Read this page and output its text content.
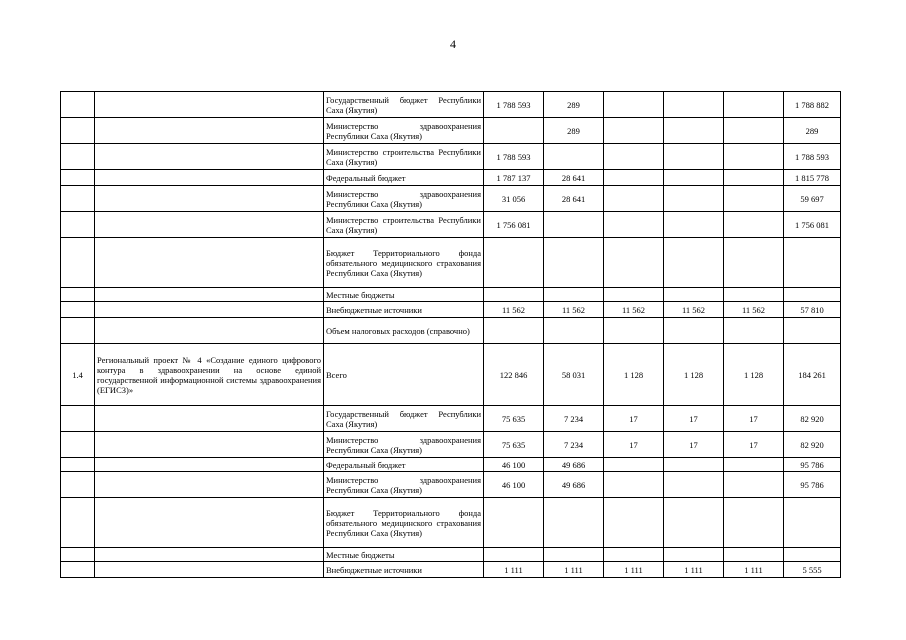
4
		Государственный бюджет Республики Саха (Якутия)	1 788 593	289				1 788 882
		Министерство здравоохранения Республики Саха (Якутия)		289				289
		Министерство строительства Республики Саха (Якутия)	1 788 593					1 788 593
		Федеральный бюджет	1 787 137	28 641				1 815 778
		Министерство здравоохранения Республики Саха (Якутия)	31 056	28 641				59 697
		Министерство строительства Республики Саха (Якутия)	1 756 081					1 756 081
		Бюджет Территориального фонда обязательного медицинского страхования Республики Саха (Якутия)						
		Местные бюджеты						
		Внебюджетные источники	11 562	11 562	11 562	11 562	11 562	57 810
		Объем налоговых расходов (справочно)						
1.4	Региональный проект № 4 «Создание единого цифрового контура в здравоохранении на основе единой государственной информационной системы здравоохранения (ЕГИСЗ)»	Всего	122 846	58 031	1 128	1 128	1 128	184 261
		Государственный бюджет Республики Саха (Якутия)	75 635	7 234	17	17	17	82 920
		Министерство здравоохранения Республики Саха (Якутия)	75 635	7 234	17	17	17	82 920
		Федеральный бюджет	46 100	49 686				95 786
		Министерство здравоохранения Республики Саха (Якутия)	46 100	49 686				95 786
		Бюджет Территориального фонда обязательного медицинского страхования Республики Саха (Якутия)						
		Местные бюджеты						
		Внебюджетные источники	1 111	1 111	1 111	1 111	1 111	5 555
